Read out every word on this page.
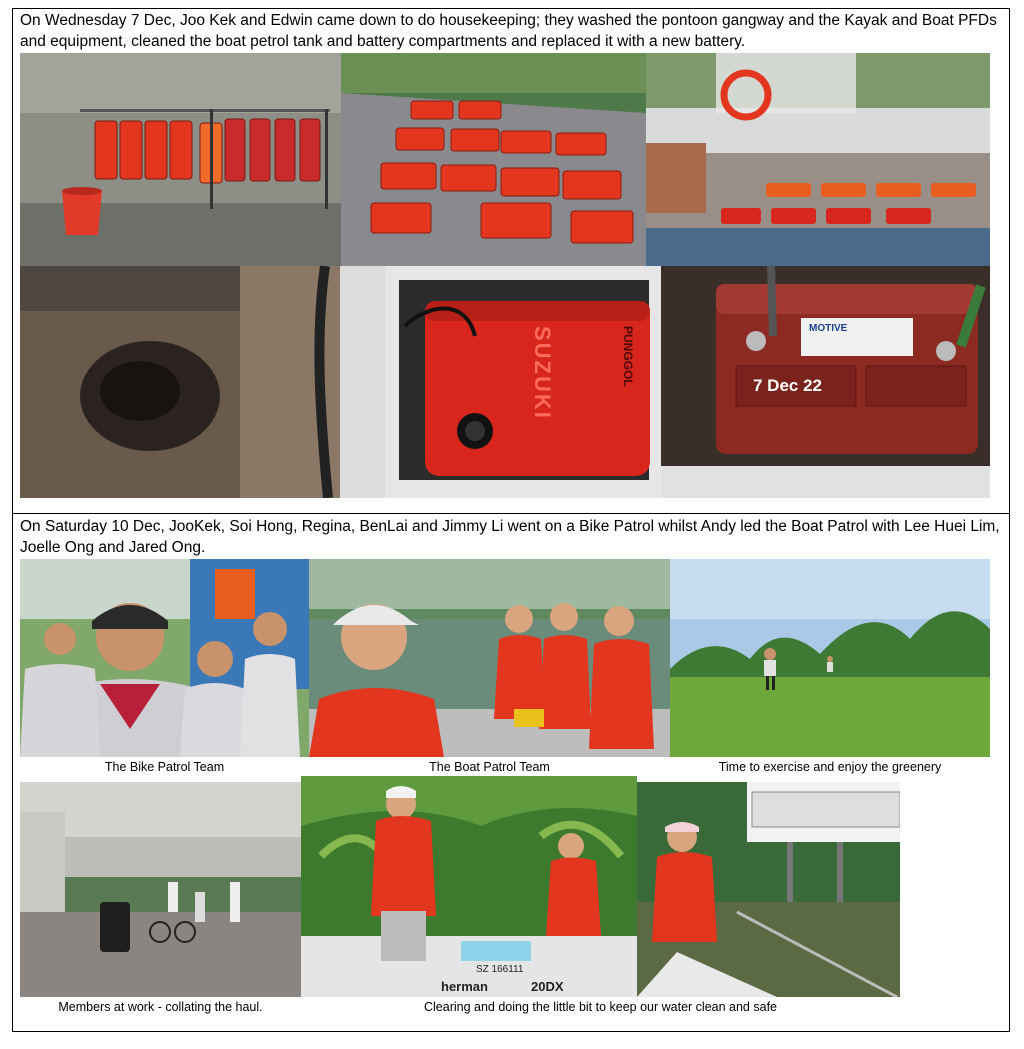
On Wednesday 7 Dec, Joo Kek and Edwin came down to do housekeeping; they washed the pontoon gangway and the Kayak and Boat PFDs and equipment, cleaned the boat petrol tank and battery compartments and replaced it with a new battery.

SUZUKI	PUNGGOL	MOTIVE
7 Dec 22

On Saturday 10 Dec, JooKek, Soi Hong, Regina, BenLai and Jimmy Li went on a Bike Patrol whilst Andy led the Boat Patrol with Lee Huei Lim, Joelle Ong and Jared Ong.

The Bike Patrol Team	The Boat Patrol Team	Time to exercise and enjoy the greenery
Members at work - collating the haul.
SZ 166111
herman	20DX
Clearing and doing the little bit to keep our water clean and safe
